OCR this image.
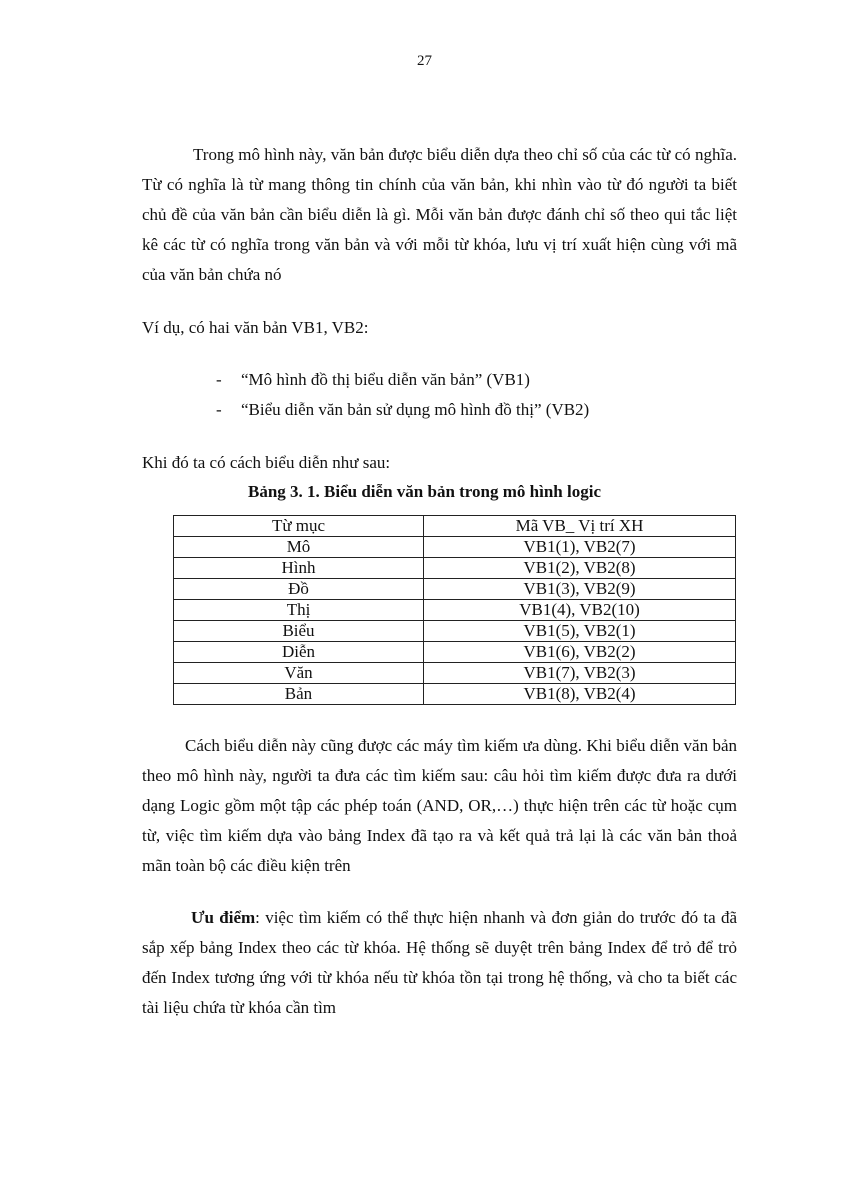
27

Trong mô hình này, văn bản được biểu diễn dựa theo chỉ số của các từ có nghĩa. Từ có nghĩa là từ mang thông tin chính của văn bản, khi nhìn vào từ đó người ta biết chủ đề của văn bản cần biểu diễn là gì. Mỗi văn bản được đánh chỉ số theo qui tắc liệt kê các từ có nghĩa trong văn bản và với mỗi từ khóa, lưu vị trí xuất hiện cùng với mã của văn bản chứa nó

Ví dụ, có hai văn bản VB1, VB2:

- “Mô hình đồ thị biểu diễn văn bản” (VB1)
- “Biểu diễn văn bản sử dụng mô hình đồ thị” (VB2)

Khi đó ta có cách biểu diễn như sau:

Bảng 3. 1. Biểu diễn văn bản trong mô hình logic

Từ mục	Mã VB_ Vị trí XH
Mô	VB1(1), VB2(7)
Hình	VB1(2), VB2(8)
Đồ	VB1(3), VB2(9)
Thị	VB1(4), VB2(10)
Biểu	VB1(5), VB2(1)
Diễn	VB1(6), VB2(2)
Văn	VB1(7), VB2(3)
Bản	VB1(8), VB2(4)

Cách biểu diễn này cũng được các máy tìm kiếm ưa dùng. Khi biểu diễn văn bản theo mô hình này, người ta đưa các tìm kiếm sau: câu hỏi tìm kiếm được đưa ra dưới dạng Logic gồm một tập các phép toán (AND, OR,…) thực hiện trên các từ hoặc cụm từ, việc tìm kiếm dựa vào bảng Index đã tạo ra và kết quả trả lại là các văn bản thoả mãn toàn bộ các điều kiện trên

Ưu điểm: việc tìm kiếm có thể thực hiện nhanh và đơn giản do trước đó ta đã sắp xếp bảng Index theo các từ khóa. Hệ thống sẽ duyệt trên bảng Index để trỏ để trỏ đến Index tương ứng với từ khóa nếu từ khóa tồn tại trong hệ thống, và cho ta biết các tài liệu chứa từ khóa cần tìm
